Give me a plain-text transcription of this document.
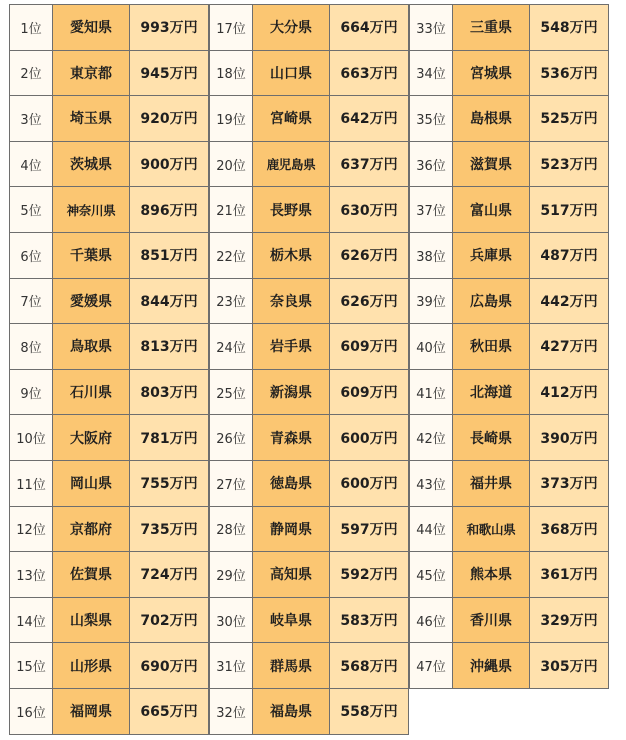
1位	愛知県	993万円
2位	東京都	945万円
3位	埼玉県	920万円
4位	茨城県	900万円
5位	神奈川県	896万円
6位	千葉県	851万円
7位	愛媛県	844万円
8位	鳥取県	813万円
9位	石川県	803万円
10位	大阪府	781万円
11位	岡山県	755万円
12位	京都府	735万円
13位	佐賀県	724万円
14位	山梨県	702万円
15位	山形県	690万円
16位	福岡県	665万円
17位	大分県	664万円
18位	山口県	663万円
19位	宮崎県	642万円
20位	鹿児島県	637万円
21位	長野県	630万円
22位	栃木県	626万円
23位	奈良県	626万円
24位	岩手県	609万円
25位	新潟県	609万円
26位	青森県	600万円
27位	徳島県	600万円
28位	静岡県	597万円
29位	高知県	592万円
30位	岐阜県	583万円
31位	群馬県	568万円
32位	福島県	558万円
33位	三重県	548万円
34位	宮城県	536万円
35位	島根県	525万円
36位	滋賀県	523万円
37位	富山県	517万円
38位	兵庫県	487万円
39位	広島県	442万円
40位	秋田県	427万円
41位	北海道	412万円
42位	長崎県	390万円
43位	福井県	373万円
44位	和歌山県	368万円
45位	熊本県	361万円
46位	香川県	329万円
47位	沖縄県	305万円
